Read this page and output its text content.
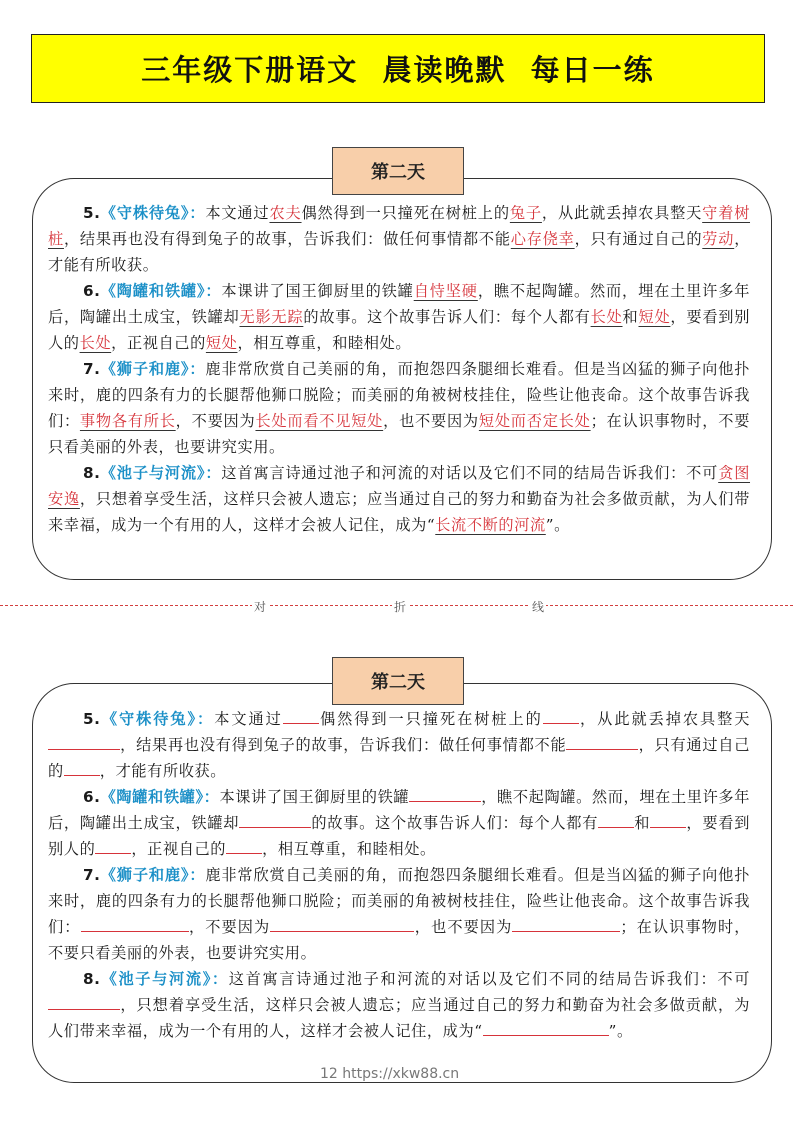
三年级下册语文  晨读晚默  每日一练
第二天

5.《守株待兔》：本文通过农夫偶然得到一只撞死在树桩上的兔子，从此就丢掉农具整天守着树桩，结果再也没有得到兔子的故事，告诉我们：做任何事情都不能心存侥幸，只有通过自己的劳动，才能有所收获。

6.《陶罐和铁罐》：本课讲了国王御厨里的铁罐自恃坚硬，瞧不起陶罐。然而，埋在土里许多年后，陶罐出土成宝，铁罐却无影无踪的故事。这个故事告诉人们：每个人都有长处和短处，要看到别人的长处，正视自己的短处，相互尊重，和睦相处。

7.《狮子和鹿》：鹿非常欣赏自己美丽的角，而抱怨四条腿细长难看。但是当凶猛的狮子向他扑来时，鹿的四条有力的长腿帮他狮口脱险；而美丽的角被树枝挂住，险些让他丧命。这个故事告诉我们：事物各有所长，不要因为长处而看不见短处，也不要因为短处而否定长处；在认识事物时，不要只看美丽的外表，也要讲究实用。

8.《池子与河流》：这首寓言诗通过池子和河流的对话以及它们不同的结局告诉我们：不可贪图安逸，只想着享受生活，这样只会被人遗忘；应当通过自己的努力和勤奋为社会多做贡献，为人们带来幸福，成为一个有用的人，这样才会被人记住，成为“长流不断的河流”。

对	折	线
第二天

5.《守株待兔》：本文通过 偶然得到一只撞死在树桩上的 ，从此就丢掉农具整天，结果再也没有得到兔子的故事，告诉我们：做任何事情都不能	，只有通过自己的 ，才能有所收获。

6.《陶罐和铁罐》：本课讲了国王御厨里的铁罐	，瞧不起陶罐。然而，埋在土里许多年后，陶罐出土成宝，铁罐却	的故事。这个故事告诉人们：每个人都有 和 ，要看到别人的 ，正视自己的 ，相互尊重，和睦相处。

7.《狮子和鹿》：鹿非常欣赏自己美丽的角，而抱怨四条腿细长难看。但是当凶猛的狮子向他扑来时，鹿的四条有力的长腿帮他狮口脱险；而美丽的角被树枝挂住，险些让他丧命。这个故事告诉我们：	，不要因为	，也不要因为	；在认识事物时，不要只看美丽的外表，也要讲究实用。

8.《池子与河流》：这首寓言诗通过池子和河流的对话以及它们不同的结局告诉我们：不可，只想着享受生活，这样只会被人遗忘；应当通过自己的努力和勤奋为社会多做贡献，为人们带来幸福，成为一个有用的人，这样才会被人记住，成为“	”。

12 https://xkw88.cn
